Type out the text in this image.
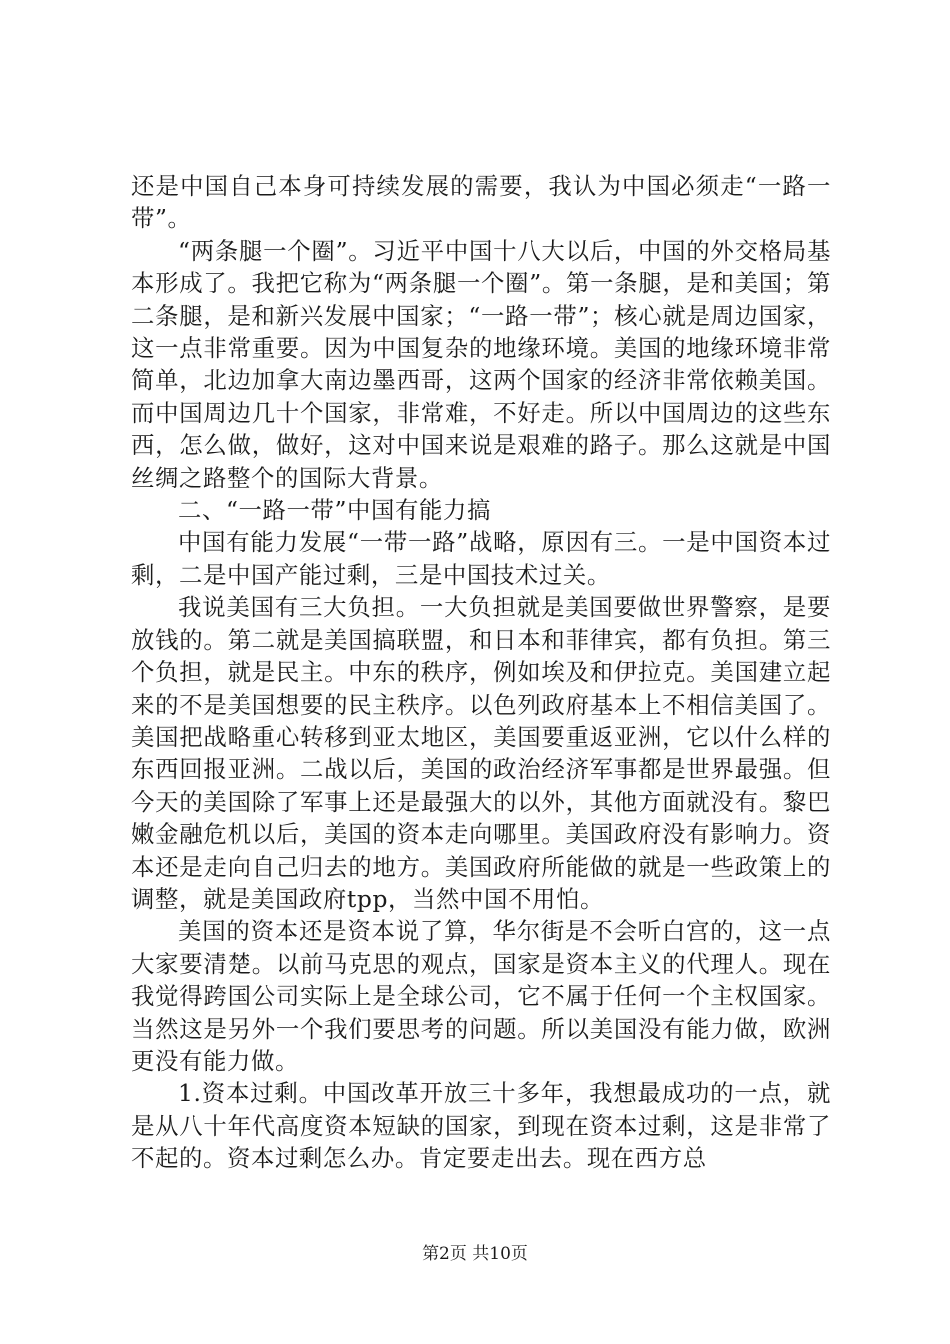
还是中国自己本身可持续发展的需要，我认为中国必须走“一路一带”。

“两条腿一个圈”。习近平中国十八大以后，中国的外交格局基本形成了。我把它称为“两条腿一个圈”。第一条腿，是和美国；第二条腿，是和新兴发展中国家；“一路一带”；核心就是周边国家，这一点非常重要。因为中国复杂的地缘环境。美国的地缘环境非常简单，北边加拿大南边墨西哥，这两个国家的经济非常依赖美国。而中国周边几十个国家，非常难，不好走。所以中国周边的这些东西，怎么做，做好，这对中国来说是艰难的路子。那么这就是中国丝绸之路整个的国际大背景。

二、“一路一带”中国有能力搞

中国有能力发展“一带一路”战略，原因有三。一是中国资本过剩，二是中国产能过剩，三是中国技术过关。

我说美国有三大负担。一大负担就是美国要做世界警察，是要放钱的。第二就是美国搞联盟，和日本和菲律宾，都有负担。第三个负担，就是民主。中东的秩序，例如埃及和伊拉克。美国建立起来的不是美国想要的民主秩序。以色列政府基本上不相信美国了。美国把战略重心转移到亚太地区，美国要重返亚洲，它以什么样的东西回报亚洲。二战以后，美国的政治经济军事都是世界最强。但今天的美国除了军事上还是最强大的以外，其他方面就没有。黎巴嫩金融危机以后，美国的资本走向哪里。美国政府没有影响力。资本还是走向自己归去的地方。美国政府所能做的就是一些政策上的调整，就是美国政府tpp，当然中国不用怕。

美国的资本还是资本说了算，华尔街是不会听白宫的，这一点大家要清楚。以前马克思的观点，国家是资本主义的代理人。现在我觉得跨国公司实际上是全球公司，它不属于任何一个主权国家。当然这是另外一个我们要思考的问题。所以美国没有能力做，欧洲更没有能力做。

1.资本过剩。中国改革开放三十多年，我想最成功的一点，就是从八十年代高度资本短缺的国家，到现在资本过剩，这是非常了不起的。资本过剩怎么办。肯定要走出去。现在西方总

第2页 共10页
